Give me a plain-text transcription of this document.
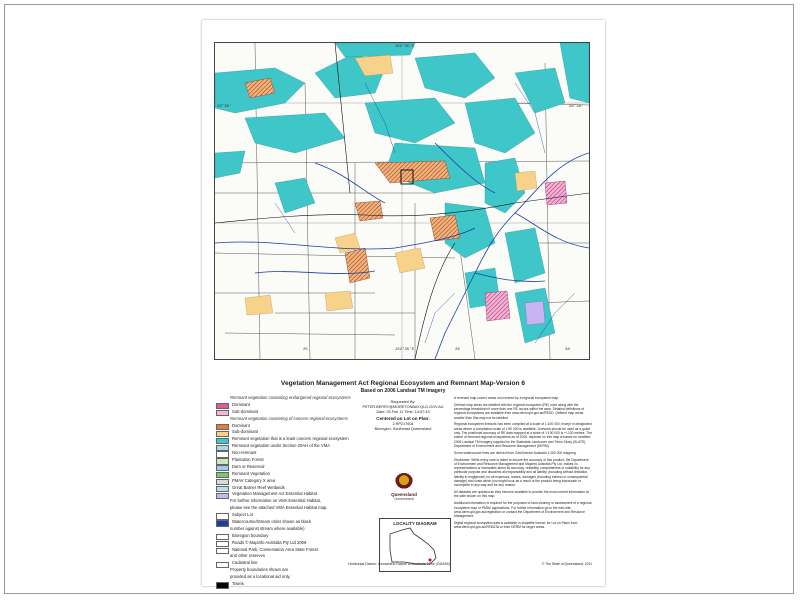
152°35'E
152°35'E
26°30'	26°30'
25	28	28
Vegetation Management Act Regional Ecosystem and Remnant Map-Version 6
Based on 2006 Landsat TM Imagery
Remnant vegetation containing endangered regional ecosystems
Dominant
Sub-dominant
Remnant vegetation containing of concern regional ecosystems
Dominant
Sub-dominant
Remnant vegetation that is a least concern regional ecosystem
Remnant vegetation under Section 20AH of the VMA
Non-remnant
Plantation Forest
Dam or Reservoir
Remnant Vegetation
PMAV Category X area
Great Barrier Reef Wetlands
Vegetation Management Act Essential Habitat
For further information on VMA Essential Habitat,
please see the attached VMA Essential Habitat map.
Subject Lot
Watercourse/Stream order shown as black
number against stream where available)
Bioregion boundary
Roads © Mapinfo Australia Pty Ltd 2009
National Park, Conservation Area State Forest
and other reserves
Cadastral line
Property boundaries shown are
provided as a locational aid only.
Towns
Requested By: PETER.BERRY@MORETONBAY.QLD.GOV.AU
Date: 03 Feb 11 Time: 14:57:43
Centered on Lot on Plan:
2 RP217604
Bioregion: Southeast Queensland
Queensland
Government
LOCALITY DIAGRAM

A remnant map covers areas not covered by a regional ecosystem map.

Defined map areas are labelled with the regional ecosystem (RE) code along with the percentage breakdown if more than one RE occurs within the area. Detailed definitions of regional ecosystems are available from www.derm.qld.gov.au/REDD. Defined map areas smaller than 5ha may not be labelled.

Regional ecosystem linework has been compiled at a scale of 1:100 000, except in designated areas where a compilation scale of 1:50 000 is available. Linework should be used as a guide only. The positional accuracy of RE data mapped at a scale of 1:100 000 is +/-100 metres. The extent of remnant regional ecosystems as of 2006, depicted on this map is based on modified 2006 Landsat TM imagery supplied by the Statewide Landcover and Trees Study (SLATS), Department of Environment and Resource Management (DERM).

Some watercourse lines are derived from GeoScience Australia 1:250 000 mapping.

Disclaimer: While every care is taken to ensure the accuracy of this product, the Department of Environment and Resource Management and MapInfo Australia Pty Ltd, makes no representations or warranties about its accuracy, reliability, completeness or suitability for any particular purpose and disclaims all responsibility and all liability (including without limitation, liability in negligence) for all expenses, losses, damages (including indirect or consequential damage) and costs which you might incur as a result of the product being inaccurate or incomplete in any way and for any reason.

All datasets are updated as they become available to provide the most current information at the date shown on this map.

Additional information is required for the purposes of land clearing or assessment of a regional ecosystem map or PMAV applications. For further information go to the web site: www.derm.qld.gov.au/vegetation or contact the Department of Environment and Resource Management.

Digital regional ecosystem data is available in shapefile format, for Lot on Plans from www.derm.qld.gov.au/REDATA or from DERM for larger areas.

Horizontal Datum: Geocentric Datum of Australia 1994 (GDA94)	© The State of Queensland, 2011
